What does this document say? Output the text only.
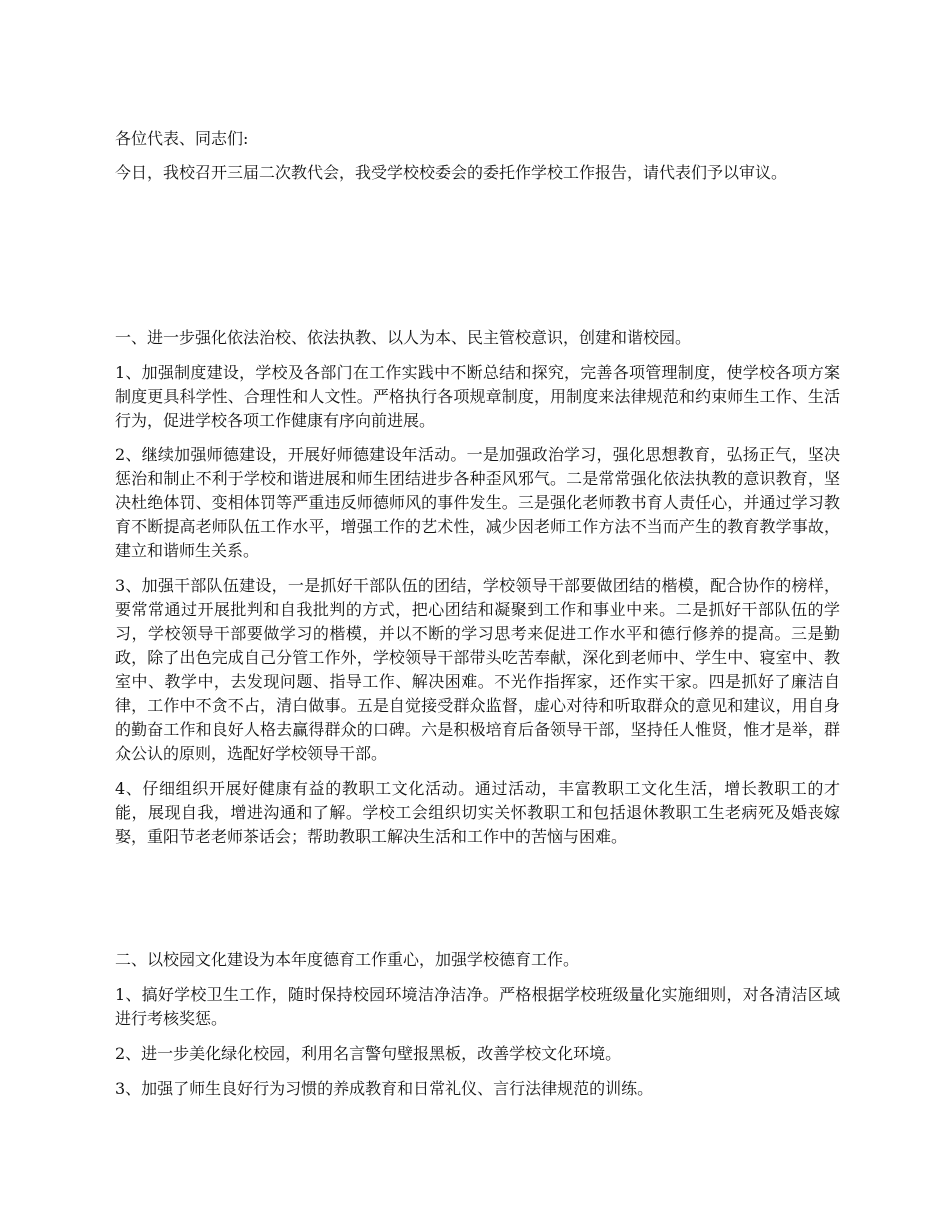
各位代表、同志们:

今日，我校召开三届二次教代会，我受学校校委会的委托作学校工作报告，请代表们予以审议。

一、进一步强化依法治校、依法执教、以人为本、民主管校意识，创建和谐校园。

1、加强制度建设，学校及各部门在工作实践中不断总结和探究，完善各项管理制度，使学校各项方案制度更具科学性、合理性和人文性。严格执行各项规章制度，用制度来法律规范和约束师生工作、生活行为，促进学校各项工作健康有序向前进展。

2、继续加强师德建设，开展好师德建设年活动。一是加强政治学习，强化思想教育，弘扬正气，坚决惩治和制止不利于学校和谐进展和师生团结进步各种歪风邪气。二是常常强化依法执教的意识教育，坚决杜绝体罚、变相体罚等严重违反师德师风的事件发生。三是强化老师教书育人责任心，并通过学习教育不断提高老师队伍工作水平，增强工作的艺术性，减少因老师工作方法不当而产生的教育教学事故，建立和谐师生关系。

3、加强干部队伍建设，一是抓好干部队伍的团结，学校领导干部要做团结的楷模，配合协作的榜样，要常常通过开展批判和自我批判的方式，把心团结和凝聚到工作和事业中来。二是抓好干部队伍的学习，学校领导干部要做学习的楷模，并以不断的学习思考来促进工作水平和德行修养的提高。三是勤政，除了出色完成自己分管工作外，学校领导干部带头吃苦奉献，深化到老师中、学生中、寝室中、教室中、教学中，去发现问题、指导工作、解决困难。不光作指挥家，还作实干家。四是抓好了廉洁自律，工作中不贪不占，清白做事。五是自觉接受群众监督，虚心对待和听取群众的意见和建议，用自身的勤奋工作和良好人格去赢得群众的口碑。六是积极培育后备领导干部，坚持任人惟贤，惟才是举，群众公认的原则，选配好学校领导干部。

4、仔细组织开展好健康有益的教职工文化活动。通过活动，丰富教职工文化生活，增长教职工的才能，展现自我，增进沟通和了解。学校工会组织切实关怀教职工和包括退休教职工生老病死及婚丧嫁娶，重阳节老老师茶话会；帮助教职工解决生活和工作中的苦恼与困难。

二、以校园文化建设为本年度德育工作重心，加强学校德育工作。

1、搞好学校卫生工作，随时保持校园环境洁净洁净。严格根据学校班级量化实施细则，对各清洁区域进行考核奖惩。

2、进一步美化绿化校园，利用名言警句壁报黑板，改善学校文化环境。

3、加强了师生良好行为习惯的养成教育和日常礼仪、言行法律规范的训练。
